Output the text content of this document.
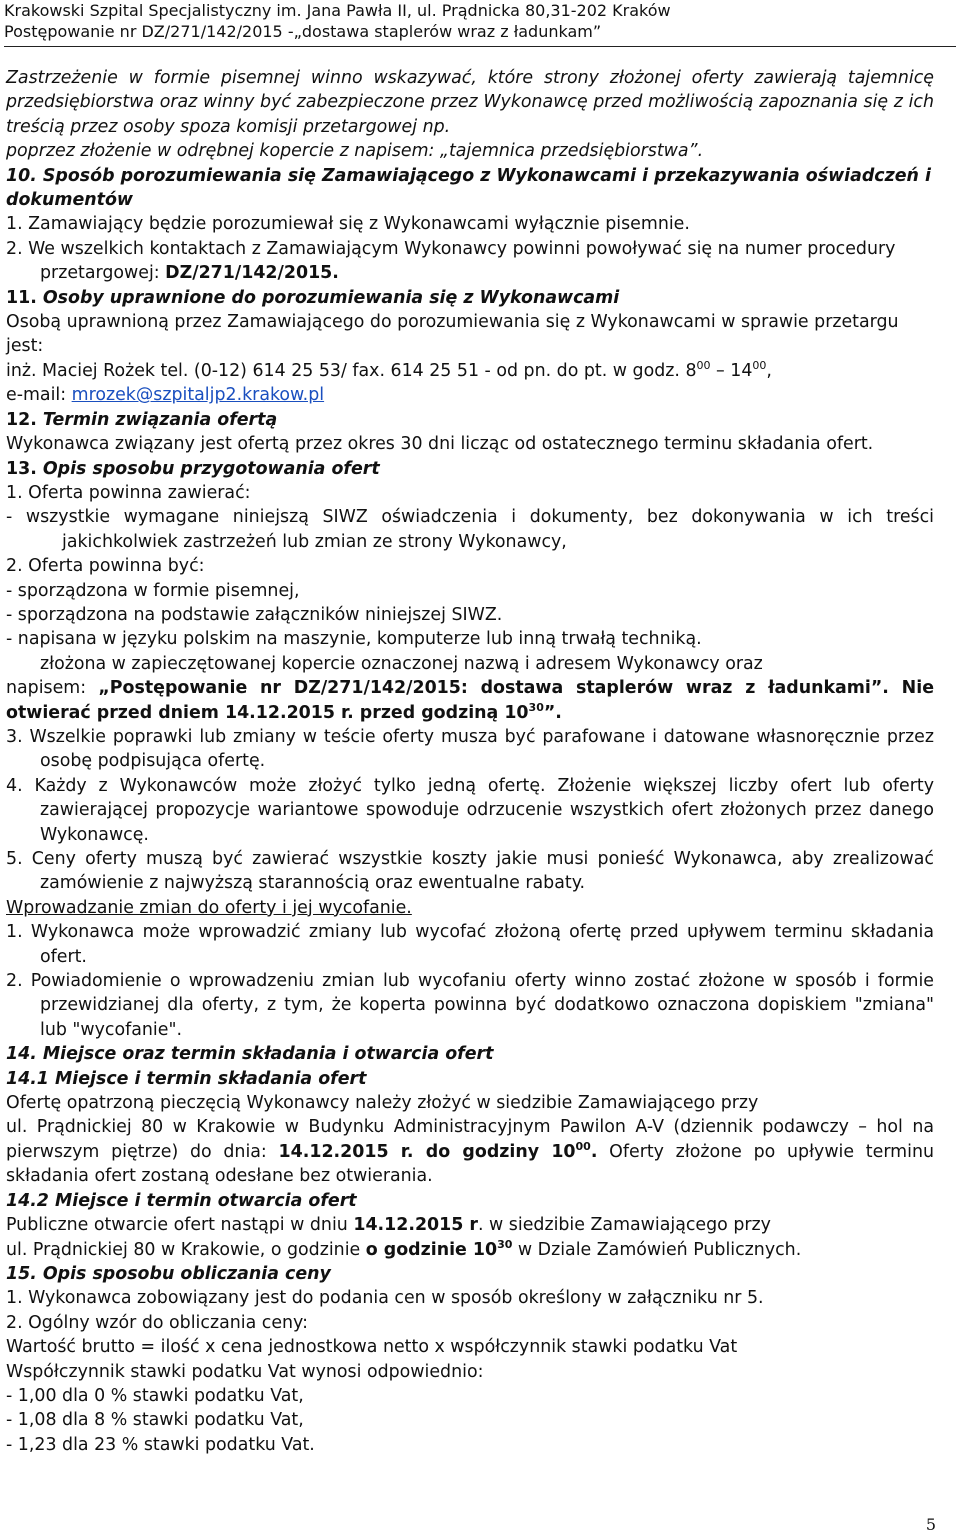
Krakowski Szpital Specjalistyczny im. Jana Pawła II, ul. Prądnicka 80,31-202 Kraków
Postępowanie nr DZ/271/142/2015 -„dostawa staplerów wraz z ładunkam”

Zastrzeżenie w formie pisemnej winno wskazywać, które strony złożonej oferty zawierają tajemnicę przedsiębiorstwa oraz winny być zabezpieczone przez Wykonawcę przed możliwością zapoznania się z ich treścią przez osoby spoza komisji przetargowej np.

poprzez złożenie w odrębnej kopercie z napisem: „tajemnica przedsiębiorstwa”.

10. Sposób porozumiewania się Zamawiającego z Wykonawcami i przekazywania oświadczeń i dokumentów

1. Zamawiający będzie porozumiewał się z Wykonawcami wyłącznie pisemnie.

2. We wszelkich kontaktach z Zamawiającym Wykonawcy powinni powoływać się na numer procedury przetargowej: DZ/271/142/2015.

11. Osoby uprawnione do porozumiewania się z Wykonawcami

Osobą uprawnioną przez Zamawiającego do porozumiewania się z Wykonawcami w sprawie przetargu jest:

inż. Maciej Rożek tel. (0-12) 614 25 53/ fax. 614 25 51 - od pn. do pt. w godz. $8^{00} - 14^{00}$,

e-mail: mrozek@szpitaljp2.krakow.pl

12. Termin związania ofertą

Wykonawca związany jest ofertą przez okres 30 dni licząc od ostatecznego terminu składania ofert.

13. Opis sposobu przygotowania ofert

1. Oferta powinna zawierać:

- wszystkie wymagane niniejszą SIWZ oświadczenia i dokumenty, bez dokonywania w ich treści jakichkolwiek zastrzeżeń lub zmian ze strony Wykonawcy,

2. Oferta powinna być:

- sporządzona w formie pisemnej,

- sporządzona na podstawie załączników niniejszej SIWZ.

- napisana w języku polskim na maszynie, komputerze lub inną trwałą techniką.

złożona w zapieczętowanej kopercie oznaczonej nazwą i adresem Wykonawcy oraz

napisem: „Postępowanie nr DZ/271/142/2015: dostawa staplerów wraz z ładunkami”. Nie otwierać przed dniem 14.12.2015 r. przed godziną $10^{30}$”.

3. Wszelkie poprawki lub zmiany w teście oferty musza być parafowane i datowane własnoręcznie przez osobę podpisująca ofertę.

4. Każdy z Wykonawców może złożyć tylko jedną ofertę. Złożenie większej liczby ofert lub oferty zawierającej propozycje wariantowe spowoduje odrzucenie wszystkich ofert złożonych przez danego Wykonawcę.

5. Ceny oferty muszą być zawierać wszystkie koszty jakie musi ponieść Wykonawca, aby zrealizować zamówienie z najwyższą starannością oraz ewentualne rabaty.

Wprowadzanie zmian do oferty i jej wycofanie.

1. Wykonawca może wprowadzić zmiany lub wycofać złożoną ofertę przed upływem terminu składania ofert.

2. Powiadomienie o wprowadzeniu zmian lub wycofaniu oferty winno zostać złożone w sposób i formie przewidzianej dla oferty, z tym, że koperta powinna być dodatkowo oznaczona dopiskiem "zmiana" lub "wycofanie".

14. Miejsce oraz termin składania i otwarcia ofert

14.1 Miejsce i termin składania ofert

Ofertę opatrzoną pieczęcią Wykonawcy należy złożyć w siedzibie Zamawiającego przy

ul. Prądnickiej 80 w Krakowie w Budynku Administracyjnym Pawilon A-V (dziennik podawczy – hol na pierwszym piętrze) do dnia: 14.12.2015 r. do godziny $10^{00}$. Oferty złożone po upływie terminu składania ofert zostaną odesłane bez otwierania.

14.2 Miejsce i termin otwarcia ofert

Publiczne otwarcie ofert nastąpi w dniu 14.12.2015 r. w siedzibie Zamawiającego przy

ul. Prądnickiej 80 w Krakowie, o godzinie o godzinie $10^{30}$ w Dziale Zamówień Publicznych.

15. Opis sposobu obliczania ceny

1. Wykonawca zobowiązany jest do podania cen w sposób określony w załączniku nr 5.

2. Ogólny wzór do obliczania ceny:

Wartość brutto = ilość x cena jednostkowa netto x współczynnik stawki podatku Vat

Współczynnik stawki podatku Vat wynosi odpowiednio:

- 1,00 dla 0 % stawki podatku Vat,

- 1,08 dla 8 % stawki podatku Vat,

- 1,23 dla 23 % stawki podatku Vat.

5
